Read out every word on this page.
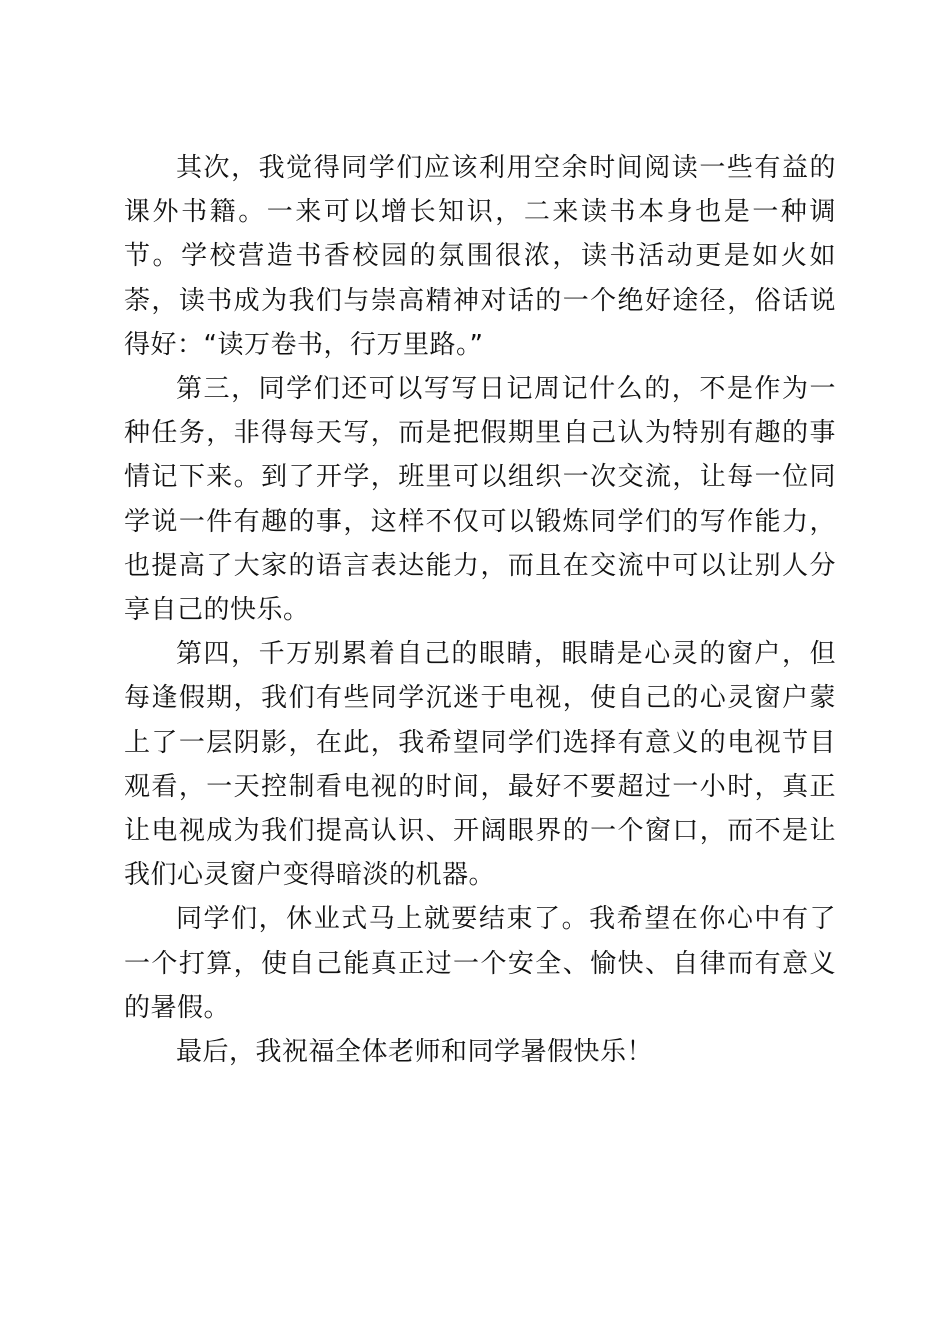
其次，我觉得同学们应该利用空余时间阅读一些有益的课外书籍。一来可以增长知识，二来读书本身也是一种调节。学校营造书香校园的氛围很浓，读书活动更是如火如荼，读书成为我们与崇高精神对话的一个绝好途径，俗话说得好：“读万卷书，行万里路。”

第三，同学们还可以写写日记周记什么的，不是作为一种任务，非得每天写，而是把假期里自己认为特别有趣的事情记下来。到了开学，班里可以组织一次交流，让每一位同学说一件有趣的事，这样不仅可以锻炼同学们的写作能力，也提高了大家的语言表达能力，而且在交流中可以让别人分享自己的快乐。

第四，千万别累着自己的眼睛，眼睛是心灵的窗户，但每逢假期，我们有些同学沉迷于电视，使自己的心灵窗户蒙上了一层阴影，在此，我希望同学们选择有意义的电视节目观看，一天控制看电视的时间，最好不要超过一小时，真正让电视成为我们提高认识、开阔眼界的一个窗口，而不是让我们心灵窗户变得暗淡的机器。

同学们，休业式马上就要结束了。我希望在你心中有了一个打算，使自己能真正过一个安全、愉快、自律而有意义的暑假。

最后，我祝福全体老师和同学暑假快乐！
